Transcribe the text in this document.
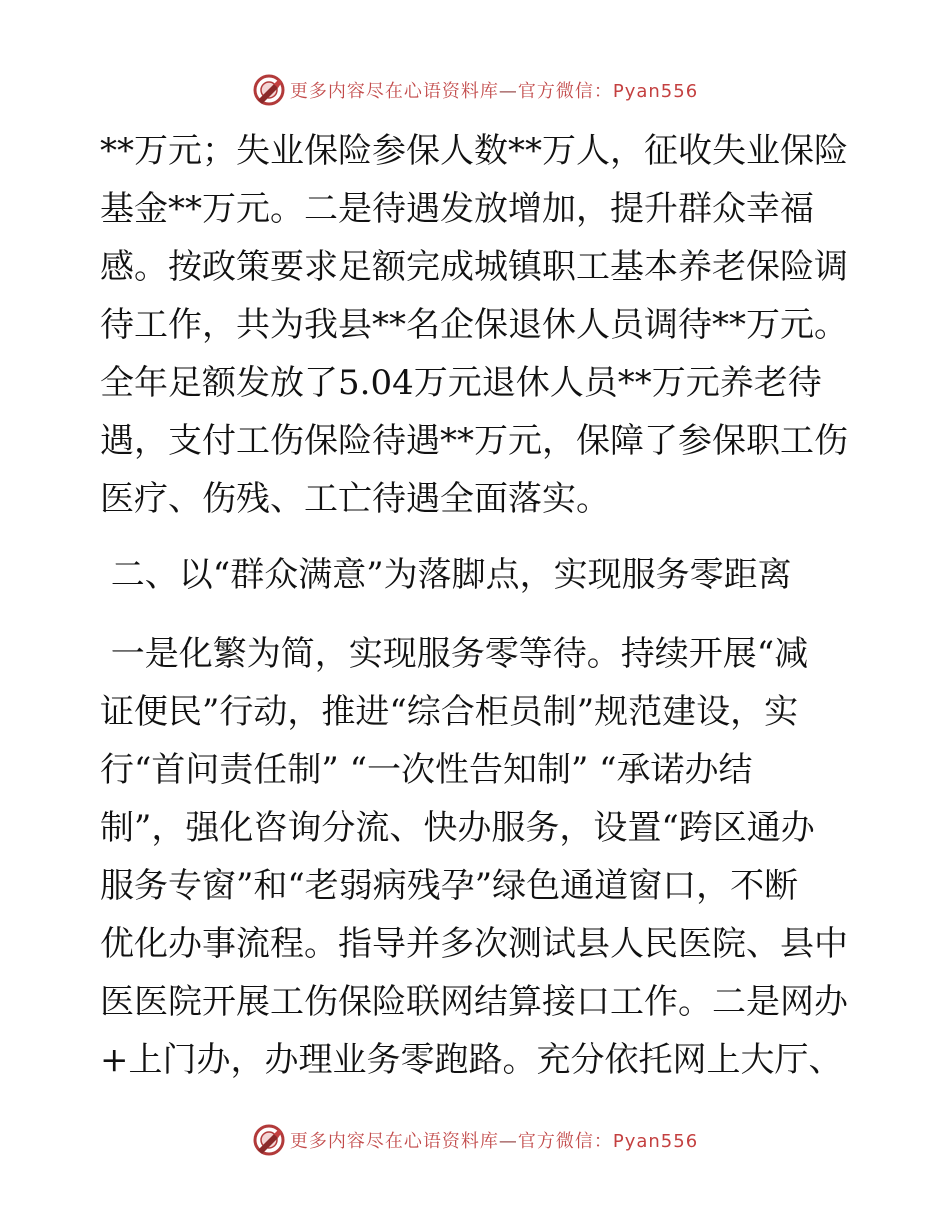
更多内容尽在心语资料库—官方微信：Pyan556
**万元；失业保险参保人数**万人，征收失业保险
基金**万元。二是待遇发放增加，提升群众幸福
感。按政策要求足额完成城镇职工基本养老保险调
待工作，共为我县**名企保退休人员调待**万元。
全年足额发放了5.04万元退休人员**万元养老待
遇，支付工伤保险待遇**万元，保障了参保职工伤
医疗、伤残、工亡待遇全面落实。
二、以“群众满意”为落脚点，实现服务零距离
一是化繁为简，实现服务零等待。持续开展“减
证便民”行动，推进“综合柜员制”规范建设，实
行“首问责任制” “一次性告知制” “承诺办结
制”，强化咨询分流、快办服务，设置“跨区通办
服务专窗”和“老弱病残孕”绿色通道窗口，不断
优化办事流程。指导并多次测试县人民医院、县中
医医院开展工伤保险联网结算接口工作。二是网办
+上门办，办理业务零跑路。充分依托网上大厅、
更多内容尽在心语资料库—官方微信：Pyan556
